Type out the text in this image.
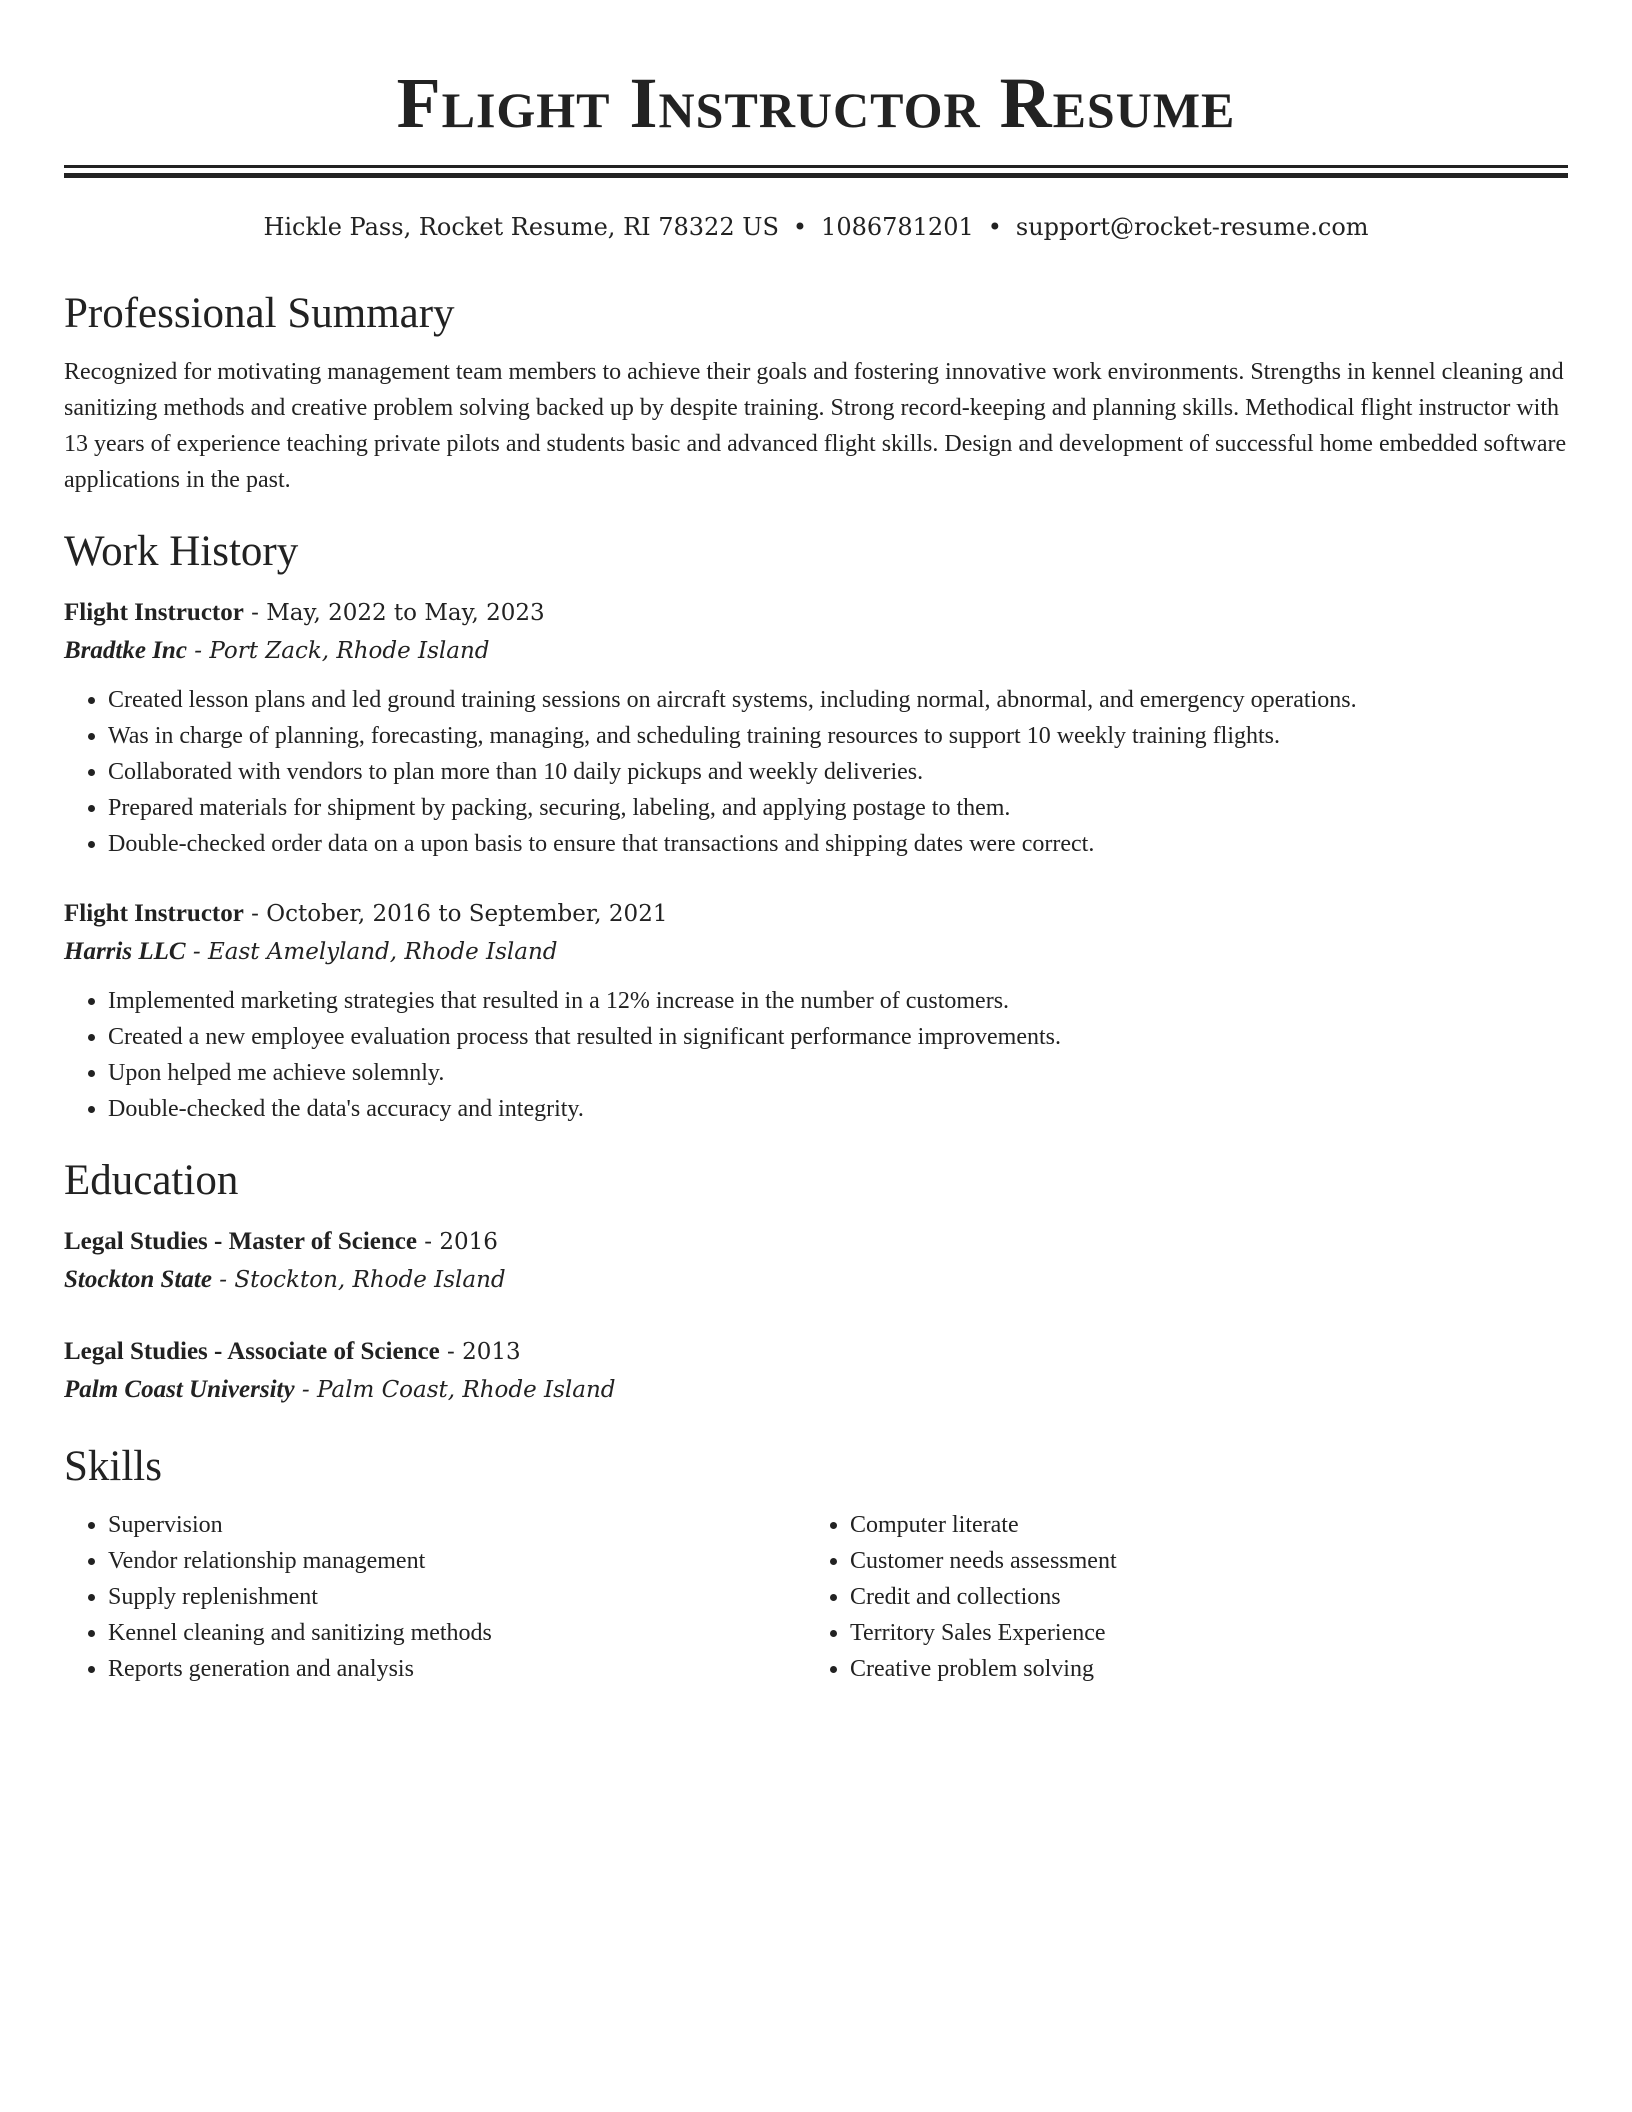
Flight Instructor Resume
Hickle Pass, Rocket Resume, RI 78322 US • 1086781201 • support@rocket-resume.com
Professional Summary

Recognized for motivating management team members to achieve their goals and fostering innovative work environments. Strengths in kennel cleaning and sanitizing methods and creative problem solving backed up by despite training. Strong record-keeping and planning skills. Methodical flight instructor with 13 years of experience teaching private pilots and students basic and advanced flight skills. Design and development of successful home embedded software applications in the past.

Work History
Flight Instructor - May, 2022 to May, 2023
Bradtke Inc - Port Zack, Rhode Island
• Created lesson plans and led ground training sessions on aircraft systems, including normal, abnormal, and emergency operations.
• Was in charge of planning, forecasting, managing, and scheduling training resources to support 10 weekly training flights.
• Collaborated with vendors to plan more than 10 daily pickups and weekly deliveries.
• Prepared materials for shipment by packing, securing, labeling, and applying postage to them.
• Double-checked order data on a upon basis to ensure that transactions and shipping dates were correct.
Flight Instructor - October, 2016 to September, 2021
Harris LLC - East Amelyland, Rhode Island
• Implemented marketing strategies that resulted in a 12% increase in the number of customers.
• Created a new employee evaluation process that resulted in significant performance improvements.
• Upon helped me achieve solemnly.
• Double-checked the data's accuracy and integrity.
Education
Legal Studies - Master of Science - 2016
Stockton State - Stockton, Rhode Island
Legal Studies - Associate of Science - 2013
Palm Coast University - Palm Coast, Rhode Island
Skills
• Supervision
• Vendor relationship management
• Supply replenishment
• Kennel cleaning and sanitizing methods
• Reports generation and analysis
• Computer literate
• Customer needs assessment
• Credit and collections
• Territory Sales Experience
• Creative problem solving
